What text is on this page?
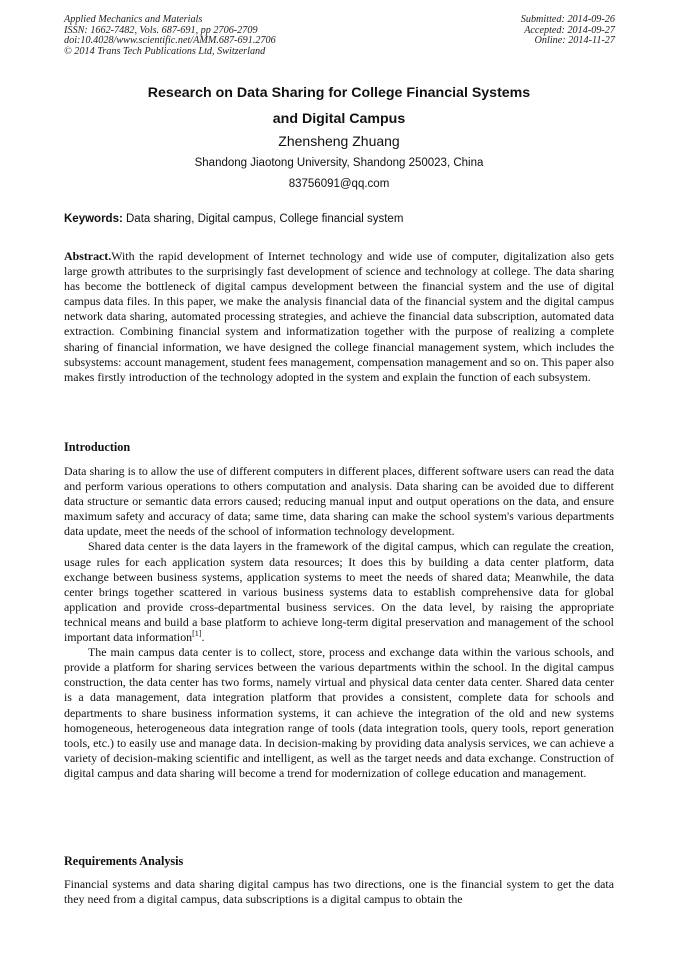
Applied Mechanics and Materials
ISSN: 1662-7482, Vols. 687-691, pp 2706-2709
doi:10.4028/www.scientific.net/AMM.687-691.2706
© 2014 Trans Tech Publications Ltd, Switzerland
Submitted: 2014-09-26
Accepted: 2014-09-27
Online: 2014-11-27
Research on Data Sharing for College Financial Systems
and Digital Campus
Zhensheng Zhuang
Shandong Jiaotong University, Shandong 250023, China
83756091@qq.com
Keywords: Data sharing, Digital campus, College financial system

Abstract.With the rapid development of Internet technology and wide use of computer, digitalization also gets large growth attributes to the surprisingly fast development of science and technology at college. The data sharing has become the bottleneck of digital campus development between the financial system and the use of digital campus data files. In this paper, we make the analysis financial data of the financial system and the digital campus network data sharing, automated processing strategies, and achieve the financial data subscription, automated data extraction. Combining financial system and informatization together with the purpose of realizing a complete sharing of financial information, we have designed the college financial management system, which includes the subsystems: account management, student fees management, compensation management and so on. This paper also makes firstly introduction of the technology adopted in the system and explain the function of each subsystem.

Introduction

Data sharing is to allow the use of different computers in different places, different software users can read the data and perform various operations to others computation and analysis. Data sharing can be avoided due to different data structure or semantic data errors caused; reducing manual input and output operations on the data, and ensure maximum safety and accuracy of data; same time, data sharing can make the school system's various departments data update, meet the needs of the school of information technology development.

Shared data center is the data layers in the framework of the digital campus, which can regulate the creation, usage rules for each application system data resources; It does this by building a data center platform, data exchange between business systems, application systems to meet the needs of shared data; Meanwhile, the data center brings together scattered in various business systems data to establish comprehensive data for global application and provide cross-departmental business services. On the data level, by raising the appropriate technical means and build a base platform to achieve long-term digital preservation and management of the school important data information[1].

The main campus data center is to collect, store, process and exchange data within the various schools, and provide a platform for sharing services between the various departments within the school. In the digital campus construction, the data center has two forms, namely virtual and physical data center data center. Shared data center is a data management, data integration platform that provides a consistent, complete data for schools and departments to share business information systems, it can achieve the integration of the old and new systems homogeneous, heterogeneous data integration range of tools (data integration tools, query tools, report generation tools, etc.) to easily use and manage data. In decision-making by providing data analysis services, we can achieve a variety of decision-making scientific and intelligent, as well as the target needs and data exchange. Construction of digital campus and data sharing will become a trend for modernization of college education and management.

Requirements Analysis

Financial systems and data sharing digital campus has two directions, one is the financial system to get the data they need from a digital campus, data subscriptions is a digital campus to obtain the
